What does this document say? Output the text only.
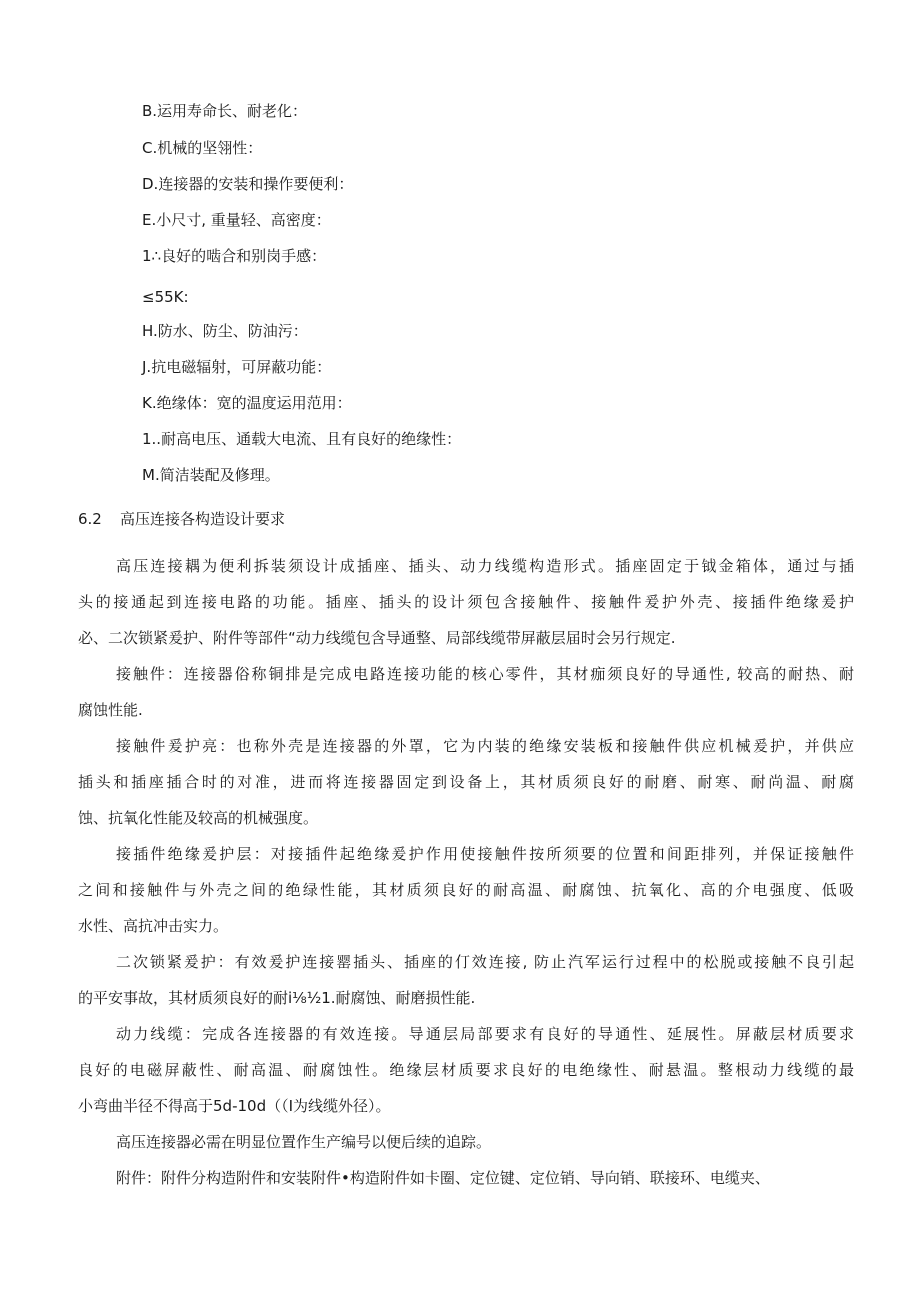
B.运用寿命长、耐老化：
C.机械的坚翎性：
D.连接器的安装和操作要便利：
E.小尺寸, 重量轻、高密度：
1∴良好的啮合和别岗手感：
≤55K:
H.防水、防尘、防油污：
J.抗电磁辐射，可屏蔽功能：
K.绝缘体：宽的温度运用范用：
1..耐高电压、通载大电流、且有良好的绝缘性：
M.简洁装配及修理。
6.2 高压连接各构造设计要求
高压连接耦为便利拆装须设计成插座、插头、动力线缆构造形式。插座固定于钺金箱体，通过与插
头的接通起到连接电路的功能。插座、插头的设计须包含接触件、接触件爰护外壳、接插件绝缘爰护
必、二次锁紧爰护、附件等部件“动力线缆包含导通整、局部线缆带屏蔽层届时会另行规定.
接触件：连接器俗称铜排是完成电路连接功能的核心零件，其材痂须良好的导通性, 较高的耐热、耐
腐蚀性能.
接触件爰护亮：也称外壳是连接器的外罩，它为内装的绝缘安装板和接触件供应机械爰护，并供应
插头和插座插合时的对准，进而将连接器固定到设备上，其材质须良好的耐磨、耐寒、耐尚温、耐腐
蚀、抗氧化性能及较高的机械强度。
接插件绝缘爰护层：对接插件起绝缘爰护作用使接触件按所须要的位置和间距排列，并保证接触件
之间和接触件与外壳之间的绝绿性能，其材质须良好的耐高温、耐腐蚀、抗氧化、高的介电强度、低吸
水性、高抗冲击实力。
二次锁紧爰护：有效爰护连接罂插头、插座的仃效连接, 防止汽军运行过程中的松脱或接触不良引起
的平安事故，其材质须良好的耐i⅛½1.耐腐蚀、耐磨损性能.
动力线缆：完成各连接器的有效连接。导通层局部要求有良好的导通性、延展性。屏蔽层材质要求
良好的电磁屏蔽性、耐高温、耐腐蚀性。绝缘层材质要求良好的电绝缘性、耐悬温。整根动力线缆的最
小弯曲半径不得高于5d-10d（（I为线缆外径）。
高压连接器必需在明显位置作生产编号以便后续的追踪。
附件：附件分构造附件和安装附件•构造附件如卡圈、定位键、定位销、导向销、联接环、电缆夹、
